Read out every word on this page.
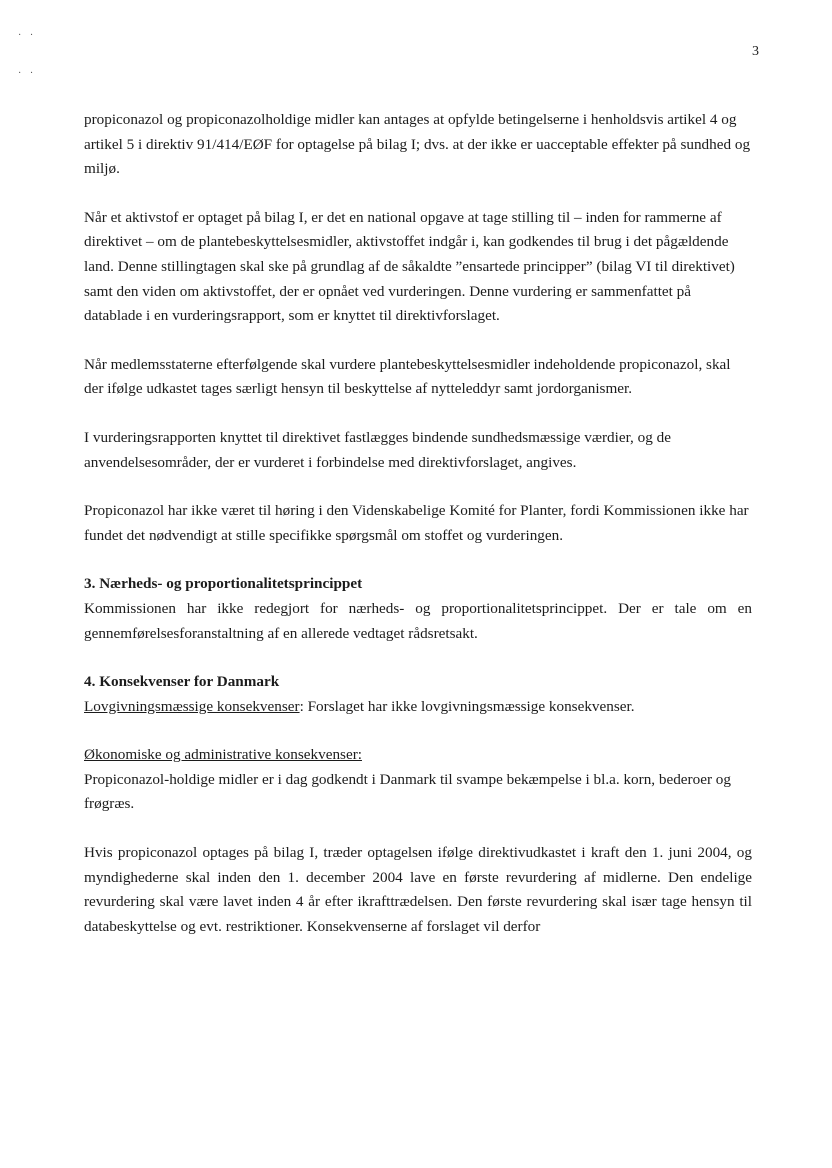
· ·
· ·
3

propiconazol og propiconazolholdige midler kan antages at opfylde betingelserne i henholdsvis artikel 4 og artikel 5 i direktiv 91/414/EØF for optagelse på bilag I; dvs. at der ikke er uacceptable effekter på sundhed og miljø.

Når et aktivstof er optaget på bilag I, er det en national opgave at tage stilling til – inden for rammerne af direktivet – om de plantebeskyttelsesmidler, aktivstoffet indgår i, kan godkendes til brug i det pågældende land. Denne stillingtagen skal ske på grundlag af de såkaldte ”ensartede principper” (bilag VI til direktivet) samt den viden om aktivstoffet, der er opnået ved vurderingen. Denne vurdering er sammenfattet på datablade i en vurderingsrapport, som er knyttet til direktivforslaget.

Når medlemsstaterne efterfølgende skal vurdere plantebeskyttelsesmidler indeholdende propiconazol, skal der ifølge udkastet tages særligt hensyn til beskyttelse af nytteleddyr samt jordorganismer.

I vurderingsrapporten knyttet til direktivet fastlægges bindende sundhedsmæssige værdier, og de anvendelsesområder, der er vurderet i forbindelse med direktivforslaget, angives.

Propiconazol har ikke været til høring i den Videnskabelige Komité for Planter, fordi Kommissionen ikke har fundet det nødvendigt at stille specifikke spørgsmål om stoffet og vurderingen.

3. Nærheds- og proportionalitetsprincippet

Kommissionen har ikke redegjort for nærheds- og proportionalitetsprincippet. Der er tale om en gennemførelsesforanstaltning af en allerede vedtaget rådsretsakt.

4. Konsekvenser for Danmark

Lovgivningsmæssige konsekvenser: Forslaget har ikke lovgivningsmæssige konsekvenser.

Økonomiske og administrative konsekvenser:

Propiconazol-holdige midler er i dag godkendt i Danmark til svampe bekæmpelse i bl.a. korn, bederoer og frøgræs.

Hvis propiconazol optages på bilag I, træder optagelsen ifølge direktivudkastet i kraft den 1. juni 2004, og myndighederne skal inden den 1. december 2004 lave en første revurdering af midlerne. Den endelige revurdering skal være lavet inden 4 år efter ikrafttrædelsen. Den første revurdering skal især tage hensyn til databeskyttelse og evt. restriktioner. Konsekvenserne af forslaget vil derfor
